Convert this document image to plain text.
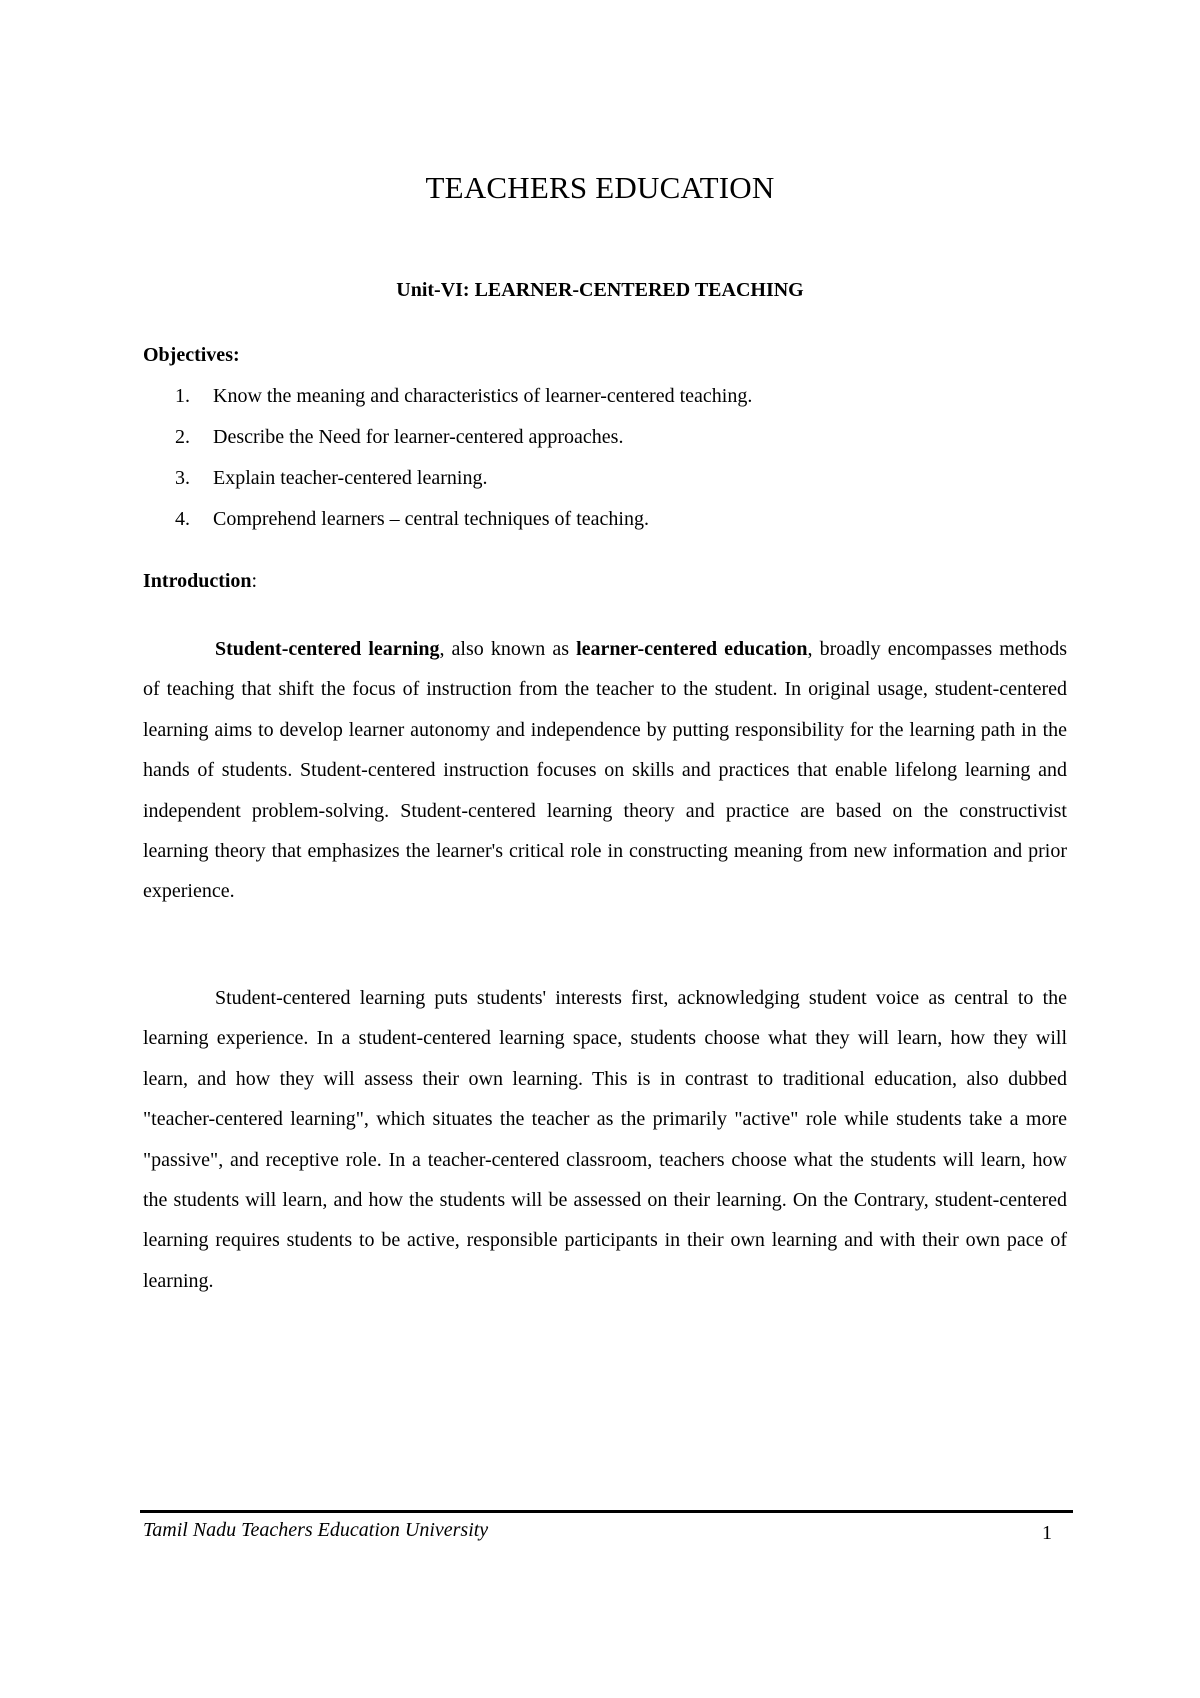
TEACHERS EDUCATION
Unit-VI: LEARNER-CENTERED TEACHING
Objectives:
1. Know the meaning and characteristics of learner-centered teaching.
2. Describe the Need for learner-centered approaches.
3. Explain teacher-centered learning.
4. Comprehend learners – central techniques of teaching.
Introduction:

Student-centered learning, also known as learner-centered education, broadly encompasses methods of teaching that shift the focus of instruction from the teacher to the student. In original usage, student-centered learning aims to develop learner autonomy and independence by putting responsibility for the learning path in the hands of students. Student-centered instruction focuses on skills and practices that enable lifelong learning and independent problem-solving. Student-centered learning theory and practice are based on the constructivist learning theory that emphasizes the learner's critical role in constructing meaning from new information and prior experience.

Student-centered learning puts students' interests first, acknowledging student voice as central to the learning experience. In a student-centered learning space, students choose what they will learn, how they will learn, and how they will assess their own learning. This is in contrast to traditional education, also dubbed "teacher-centered learning", which situates the teacher as the primarily "active" role while students take a more "passive", and receptive role. In a teacher-centered classroom, teachers choose what the students will learn, how the students will learn, and how the students will be assessed on their learning. On the Contrary, student-centered learning requires students to be active, responsible participants in their own learning and with their own pace of learning.

Tamil Nadu Teachers Education University	1
